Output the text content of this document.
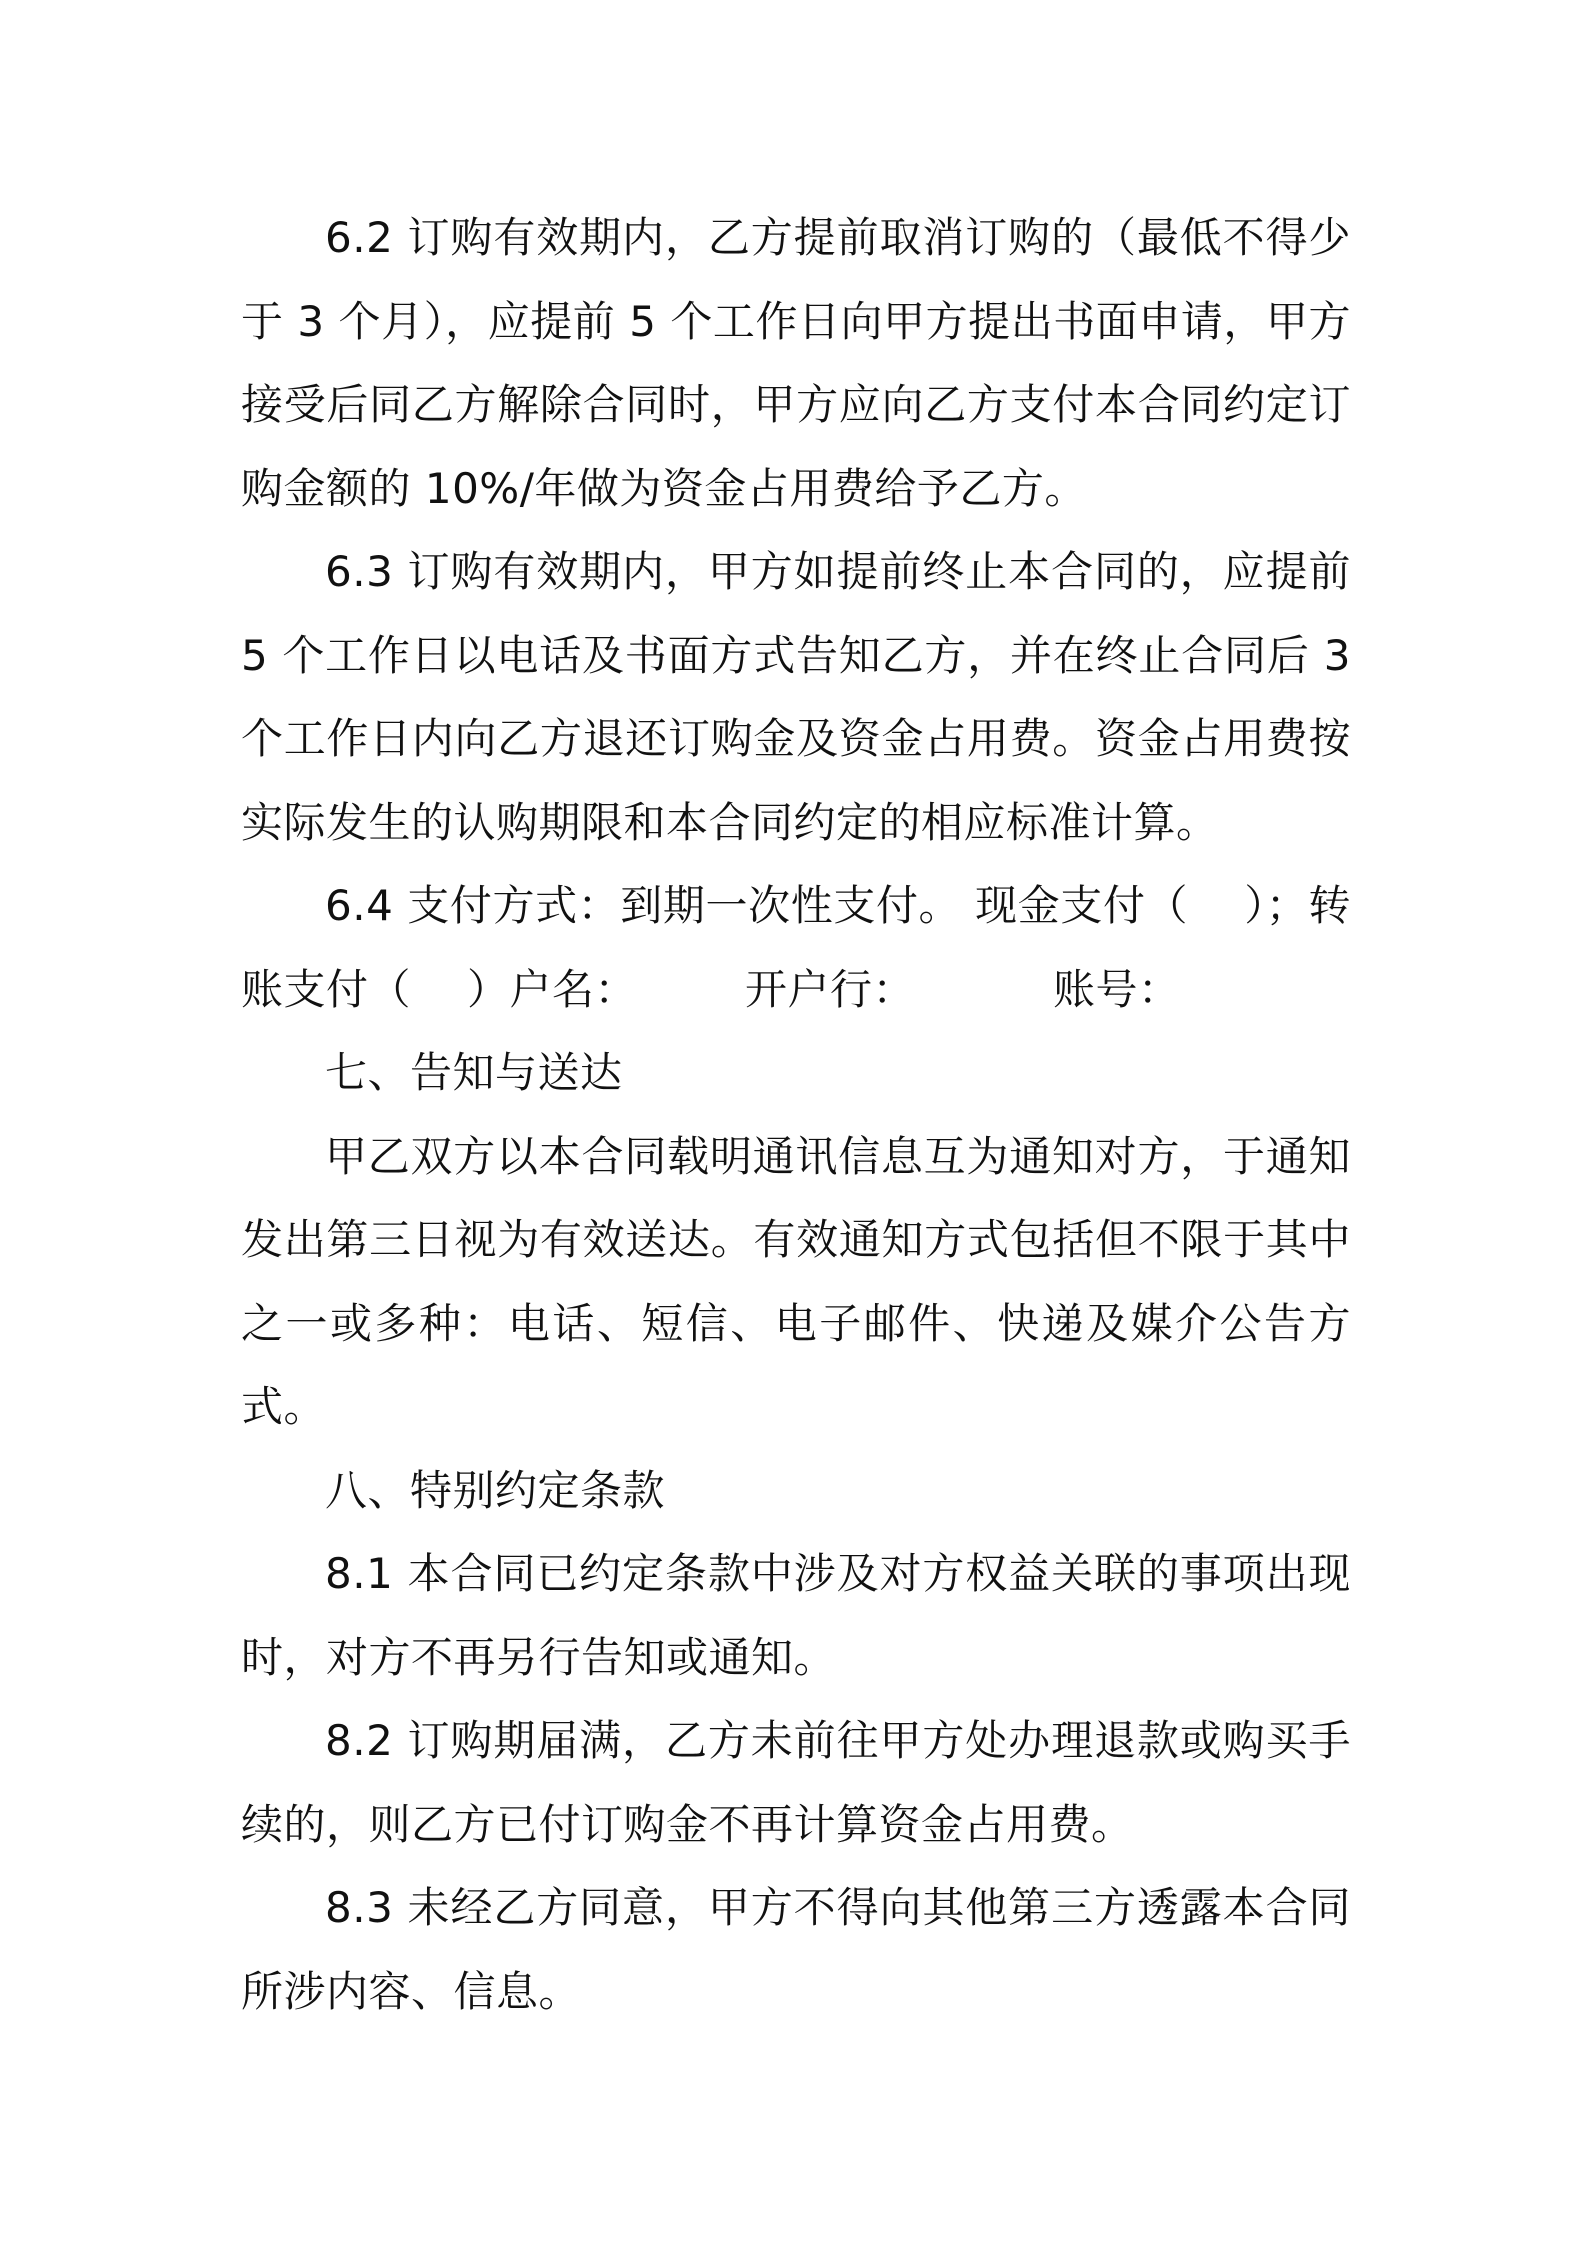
6.2 订购有效期内，乙方提前取消订购的（最低不得少于 3 个月），应提前 5 个工作日向甲方提出书面申请，甲方接受后同乙方解除合同时，甲方应向乙方支付本合同约定订购金额的 10%/年做为资金占用费给予乙方。

6.3 订购有效期内，甲方如提前终止本合同的，应提前 5 个工作日以电话及书面方式告知乙方，并在终止合同后 3 个工作日内向乙方退还订购金及资金占用费。资金占用费按实际发生的认购期限和本合同约定的相应标准计算。

6.4 支付方式：到期一次性支付。 现金支付（ ）；转账支付（ ）户名：	开户行：	账号：

七、告知与送达

甲乙双方以本合同载明通讯信息互为通知对方，于通知发出第三日视为有效送达。有效通知方式包括但不限于其中之一或多种：电话、短信、电子邮件、快递及媒介公告方式。

八、特别约定条款

8.1 本合同已约定条款中涉及对方权益关联的事项出现时，对方不再另行告知或通知。

8.2 订购期届满，乙方未前往甲方处办理退款或购买手续的，则乙方已付订购金不再计算资金占用费。

8.3 未经乙方同意，甲方不得向其他第三方透露本合同所涉内容、信息。
